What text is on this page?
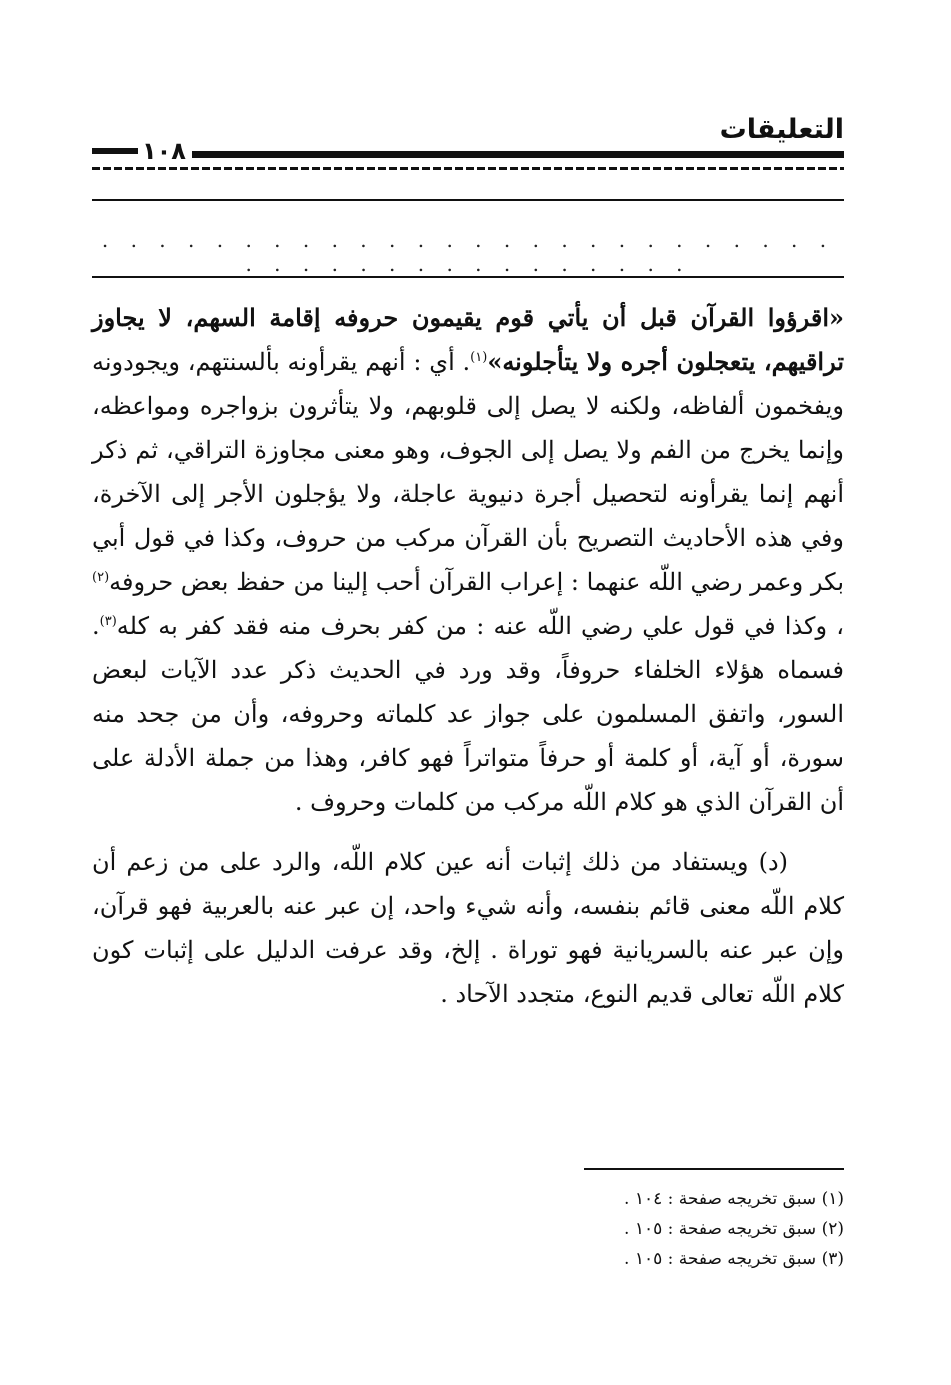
التعليقات
١٠٨
. . . . . . . . . . . . . . . . . . . . . . . . . . . . . . . . . . . . . . . . . .

«اقرؤوا القرآن قبل أن يأتي قوم يقيمون حروفه إقامة السهم، لا يجاوز تراقيهم، يتعجلون أجره ولا يتأجلونه»$^{(١)}$. أي : أنهم يقرأونه بألسنتهم، ويجودونه ويفخمون ألفاظه، ولكنه لا يصل إلى قلوبهم، ولا يتأثرون بزواجره ومواعظه، وإنما يخرج من الفم ولا يصل إلى الجوف، وهو معنى مجاوزة التراقي، ثم ذكر أنهم إنما يقرأونه لتحصيل أجرة دنيوية عاجلة، ولا يؤجلون الأجر إلى الآخرة، وفي هذه الأحاديث التصريح بأن القرآن مركب من حروف، وكذا في قول أبي بكر وعمر رضي اللّه عنهما : إعراب القرآن أحب إلينا من حفظ بعض حروفه$^{(٢)}$ ، وكذا في قول علي رضي اللّه عنه : من كفر بحرف منه فقد كفر به كله$^{(٣)}$. فسماه هؤلاء الخلفاء حروفاً، وقد ورد في الحديث ذكر عدد الآيات لبعض السور، واتفق المسلمون على جواز عد كلماته وحروفه، وأن من جحد منه سورة، أو آية، أو كلمة أو حرفاً متواتراً فهو كافر، وهذا من جملة الأدلة على أن القرآن الذي هو كلام اللّه مركب من كلمات وحروف .

(د) ويستفاد من ذلك إثبات أنه عين كلام اللّه، والرد على من زعم أن كلام اللّه معنى قائم بنفسه، وأنه شيء واحد، إن عبر عنه بالعربية فهو قرآن، وإن عبر عنه بالسريانية فهو توراة . إلخ، وقد عرفت الدليل على إثبات كون كلام اللّه تعالى قديم النوع، متجدد الآحاد .

(١) سبق تخريجه صفحة : ١٠٤ .
(٢) سبق تخريجه صفحة : ١٠٥ .
(٣) سبق تخريجه صفحة : ١٠٥ .
